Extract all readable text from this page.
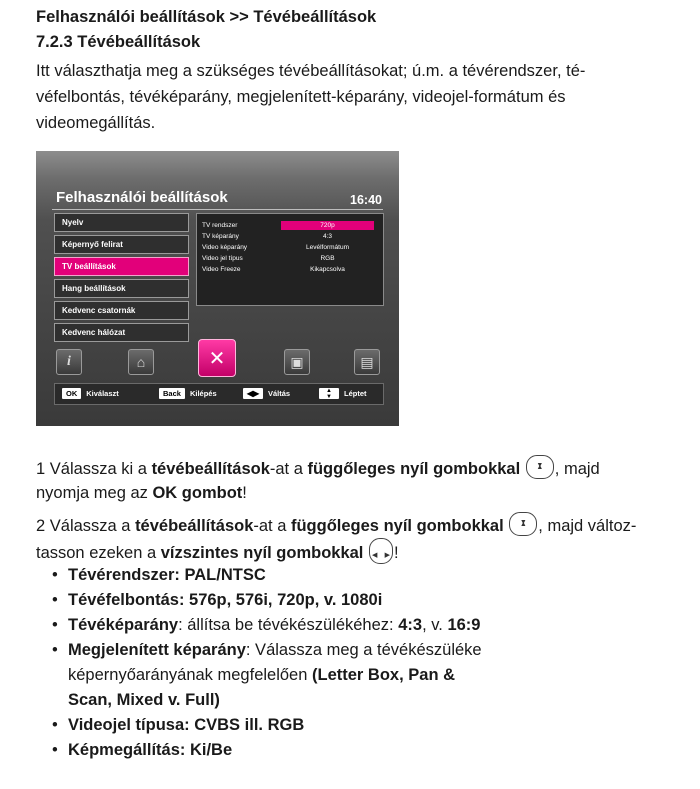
Felhasználói beállítások >> Tévébeállítások
7.2.3 Tévébeállítások
Itt választhatja meg a szükséges tévébeállításokat; ú.m. a tévérendszer, té-
véfelbontás, tévéképarány, megjelenített-képarány, videojel-formátum és
videomegállítás.
Felhasználói beállítások	16:40
Nyelv
Képernyő felirat
TV beállítások
Hang beállítások
Kedvenc csatornák
Kedvenc hálózat
TV rendszer	720p
TV képarány	4:3
Video képarány	Levélformátum
Video jel típus	RGB
Video Freeze	Kikapcsolva
i	⌂	✕	▣	▤
OK	Kiválaszt	Back	Kilépés	◀▶	Váltás	▲
▼	Léptet
1 Válassza ki a tévébeállítások-at a függőleges nyíl gombokkal ▲ ▼ , majd
nyomja meg az OK gombot!
2 Válassza a tévébeállítások-at a függőleges nyíl gombokkal ▲ ▼ , majd változ-
tasson ezeken a vízszintes nyíl gombokkal ◀ ▶ !
• Tévérendszer: PAL/NTSC
• Tévéfelbontás: 576p, 576i, 720p, v. 1080i
• Tévéképarány: állítsa be tévékészülékéhez: 4:3, v. 16:9
• Megjelenített képarány: Válassza meg a tévékészüléke
képernyőarányának megfelelően (Letter Box, Pan &
Scan, Mixed v. Full)
• Videojel típusa: CVBS ill. RGB
• Képmegállítás: Ki/Be
